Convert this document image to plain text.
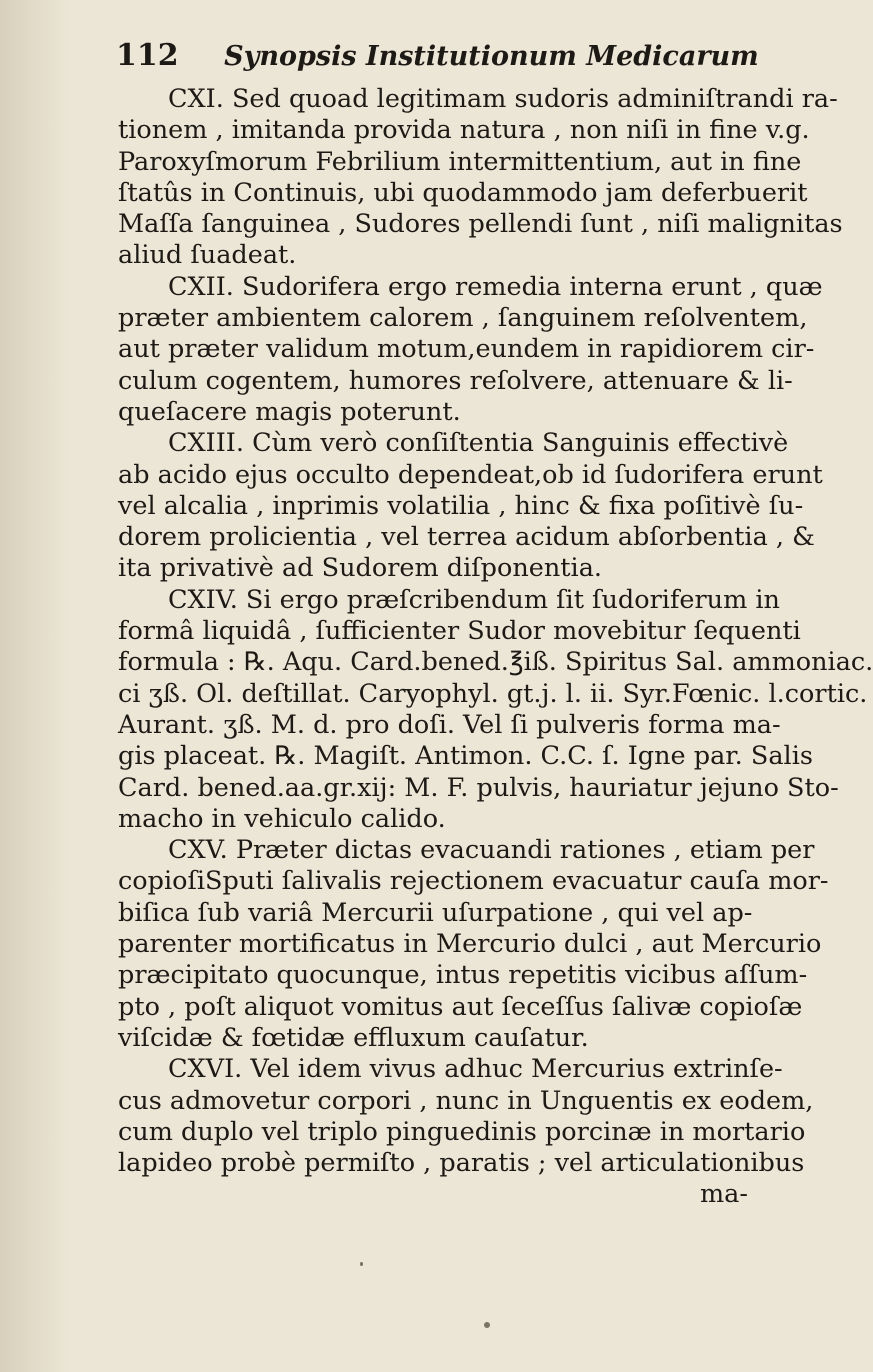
112 Synopsis Institutionum Medicarum
CXI. Sed quoad legitimam sudoris adminiſtrandi ra-
tionem , imitanda provida natura , non niſi in fine v.g.
Paroxyſmorum Febrilium intermittentium, aut in fine
ſtatûs in Continuis, ubi quodammodo jam deferbuerit
Maſſa ſanguinea , Sudores pellendi ſunt , niſi malignitas
aliud ſuadeat.
CXII. Sudorifera ergo remedia interna erunt , quæ
præter ambientem calorem , ſanguinem reſolventem,
aut præter validum motum,eundem in rapidiorem cir-
culum cogentem, humores reſolvere, attenuare & li-
queſacere magis poterunt.
CXIII. Cùm verò conſiſtentia Sanguinis effectivè
ab acido ejus occulto dependeat,ob id ſudorifera erunt
vel alcalia , inprimis volatilia , hinc & fixa poſitivè ſu-
dorem prolicientia , vel terrea acidum abſorbentia , &
ita privativè ad Sudorem diſponentia.
CXIV. Si ergo præſcribendum ſit ſudoriferum in
formâ liquidâ , ſufficienter Sudor movebitur ſequenti
formula : ℞. Aqu. Card.bened.℥iß. Spiritus Sal. ammoniac.
ci ʒß. Ol. deſtillat. Caryophyl. gt.j. l. ii. Syr.Fœnic. l.cortic.
Aurant. ʒß. M. d. pro doſi. Vel ſi pulveris forma ma-
gis placeat. ℞. Magiſt. Antimon. C.C. ſ. Igne par. Salis
Card. bened.aa.gr.xij: M. F. pulvis, hauriatur jejuno Sto-
macho in vehiculo calido.
CXV. Præter dictas evacuandi rationes , etiam per
copioſiSputi ſalivalis rejectionem evacuatur cauſa mor-
biſica ſub variâ Mercurii uſurpatione , qui vel ap-
parenter mortificatus in Mercurio dulci , aut Mercurio
præcipitato quocunque, intus repetitis vicibus aſſum-
pto , poſt aliquot vomitus aut ſeceſſus ſalivæ copioſæ
viſcidæ & fœtidæ effluxum cauſatur.
CXVI. Vel idem vivus adhuc Mercurius extrinſe-
cus admovetur corpori , nunc in Unguentis ex eodem,
cum duplo vel triplo pinguedinis porcinæ in mortario
lapideo probè permiſto , paratis ; vel articulationibus
ma-
